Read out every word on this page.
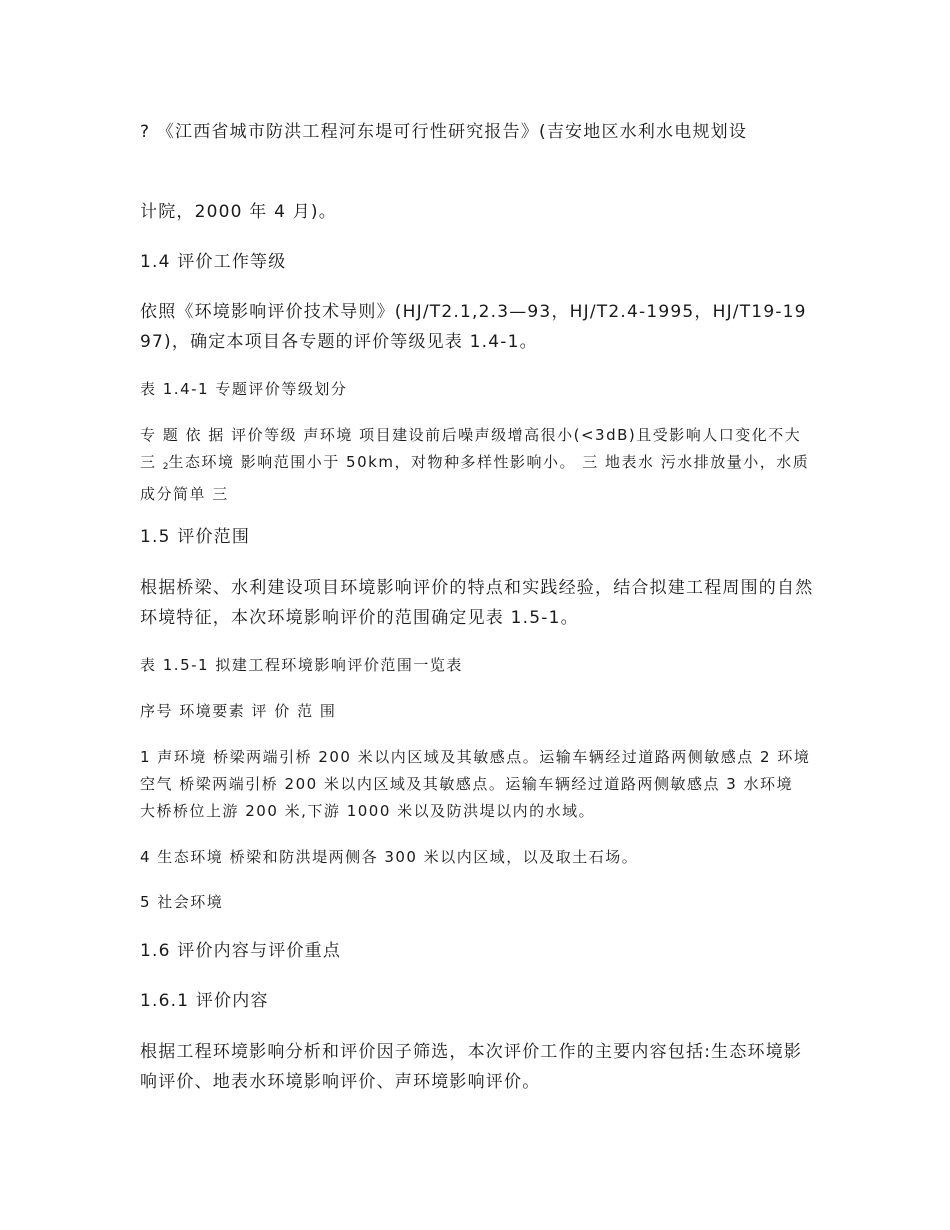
? 《江西省城市防洪工程河东堤可行性研究报告》(吉安地区水利水电规划设

计院，2000 年 4 月)。

1.4 评价工作等级

依照《环境影响评价技术导则》(HJ/T2.1,2.3—93，HJ/T2.4-1995，HJ/T19-1997)，确定本项目各专题的评价等级见表 1.4-1。

表 1.4-1 专题评价等级划分

专 题 依 据 评价等级 声环境 项目建设前后噪声级增高很小(<3dB)且受影响人口变化不大 三 2生态环境 影响范围小于 50km，对物种多样性影响小。 三 地表水 污水排放量小，水质成分简单 三

1.5 评价范围

根据桥梁、水利建设项目环境影响评价的特点和实践经验，结合拟建工程周围的自然环境特征，本次环境影响评价的范围确定见表 1.5-1。

表 1.5-1 拟建工程环境影响评价范围一览表

序号 环境要素 评 价 范 围

1 声环境 桥梁两端引桥 200 米以内区域及其敏感点。运输车辆经过道路两侧敏感点 2 环境空气 桥梁两端引桥 200 米以内区域及其敏感点。运输车辆经过道路两侧敏感点 3 水环境 大桥桥位上游 200 米,下游 1000 米以及防洪堤以内的水域。

4 生态环境 桥梁和防洪堤两侧各 300 米以内区域，以及取土石场。

5 社会环境

1.6 评价内容与评价重点

1.6.1 评价内容

根据工程环境影响分析和评价因子筛选，本次评价工作的主要内容包括:生态环境影响评价、地表水环境影响评价、声环境影响评价。
